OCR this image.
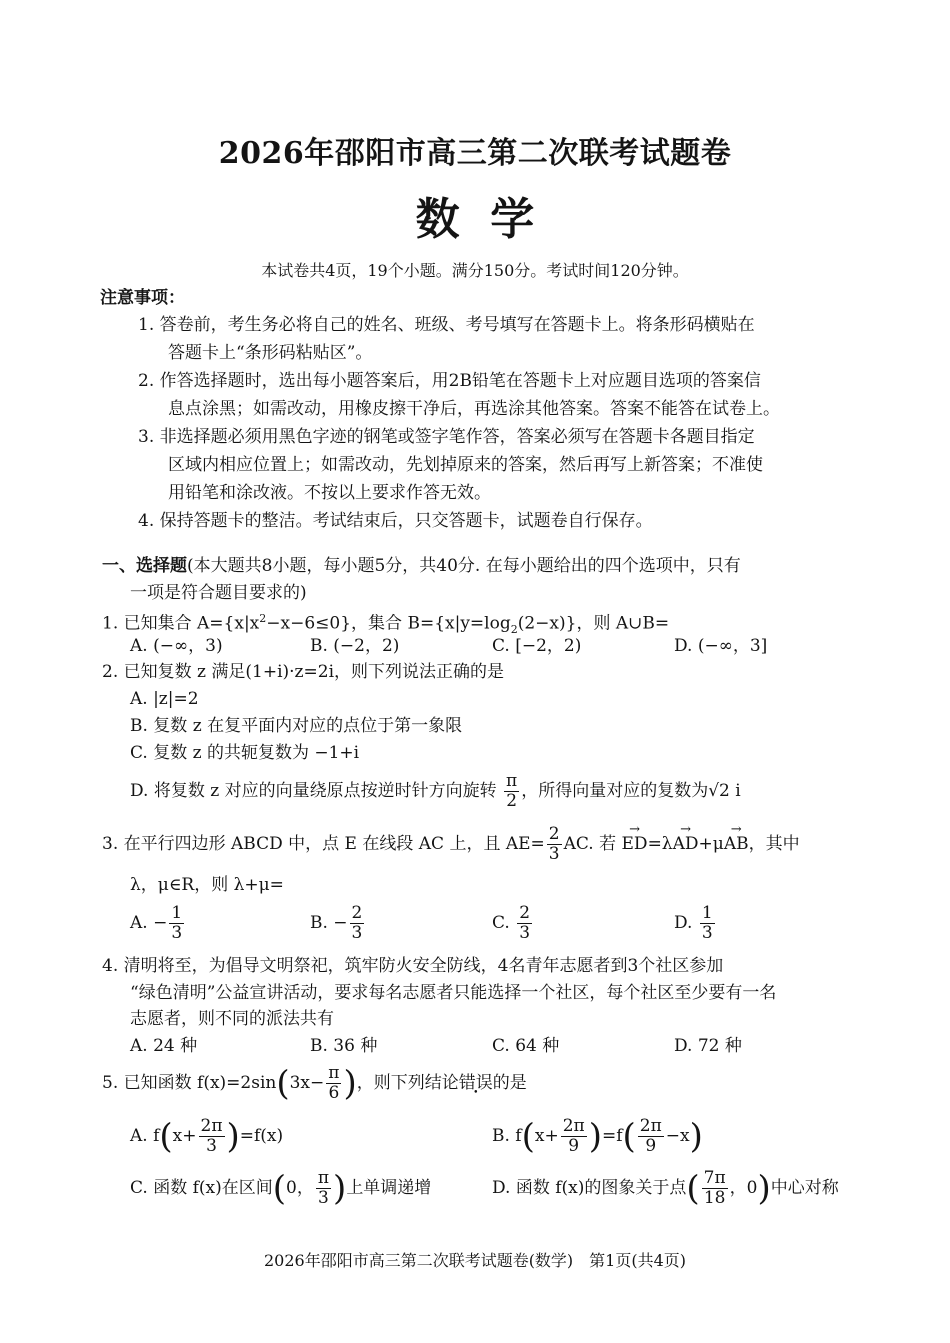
2026年邵阳市高三第二次联考试题卷
数  学
本试卷共4页，19个小题。满分150分。考试时间120分钟。
注意事项：
1. 答卷前，考生务必将自己的姓名、班级、考号填写在答题卡上。将条形码横贴在
答题卡上“条形码粘贴区”。
2. 作答选择题时，选出每小题答案后，用2B铅笔在答题卡上对应题目选项的答案信
息点涂黑；如需改动，用橡皮擦干净后，再选涂其他答案。答案不能答在试卷上。
3. 非选择题必须用黑色字迹的钢笔或签字笔作答，答案必须写在答题卡各题目指定
区域内相应位置上；如需改动，先划掉原来的答案，然后再写上新答案；不准使
用铅笔和涂改液。不按以上要求作答无效。
4. 保持答题卡的整洁。考试结束后，只交答题卡，试题卷自行保存。
一、选择题(本大题共8小题，每小题5分，共40分. 在每小题给出的四个选项中，只有
一项是符合题目要求的)
1. 已知集合 $A=\{x|x^2-x-6\le 0\}$，集合 $B=\{x|y=\log_2(2-x)\}$，则 A∪B=
A. (−∞，3)	B. (−2，2)	C. [−2，2)	D. (−∞，3]
2. 已知复数 z 满足(1+i)·z=2i，则下列说法正确的是
A. |z|=2
B. 复数 z 在复平面内对应的点位于第一象限
C. 复数 z 的共轭复数为 −1+i
D. 将复数 z 对应的向量绕原点按逆时针方向旋转 $\frac{\pi}{2}$ ，所得向量对应的复数为√2 i
3. 在平行四边形 ABCD 中，点 E 在线段 AC 上，且 $AE= \frac{2}{3}$ AC. 若 → ED=λ→ AD+μ→ AB，其中
λ，μ∈R，则 λ+μ=
A. − $\frac{1}{3}$	B. − $\frac{2}{3}$	C. $\frac{2}{3}$	D. $\frac{1}{3}$
4. 清明将至，为倡导文明祭祀，筑牢防火安全防线，4名青年志愿者到3个社区参加
“绿色清明”公益宣讲活动，要求每名志愿者只能选择一个社区，每个社区至少要有一名
志愿者，则不同的派法共有
A. 24 种	B. 36 种	C. 64 种	D. 72 种
5. 已知函数 $f(x)=2\sin(3x- \frac{\pi}{6}$ )，则下列结论错误的是
A. $f(x+ \frac{2\pi}{3} )=f(x)$	B. $f(x+ \frac{2\pi}{9} )=f( \frac{2\pi}{9} -x)$
C. 函数 f(x)在区间(0， $\frac{\pi}{3}$ )上单调递增	D. 函数 f(x)的图象关于点( $\frac{7\pi}{18}$ ，0)中心对称
2026年邵阳市高三第二次联考试题卷(数学)　第1页(共4页)
